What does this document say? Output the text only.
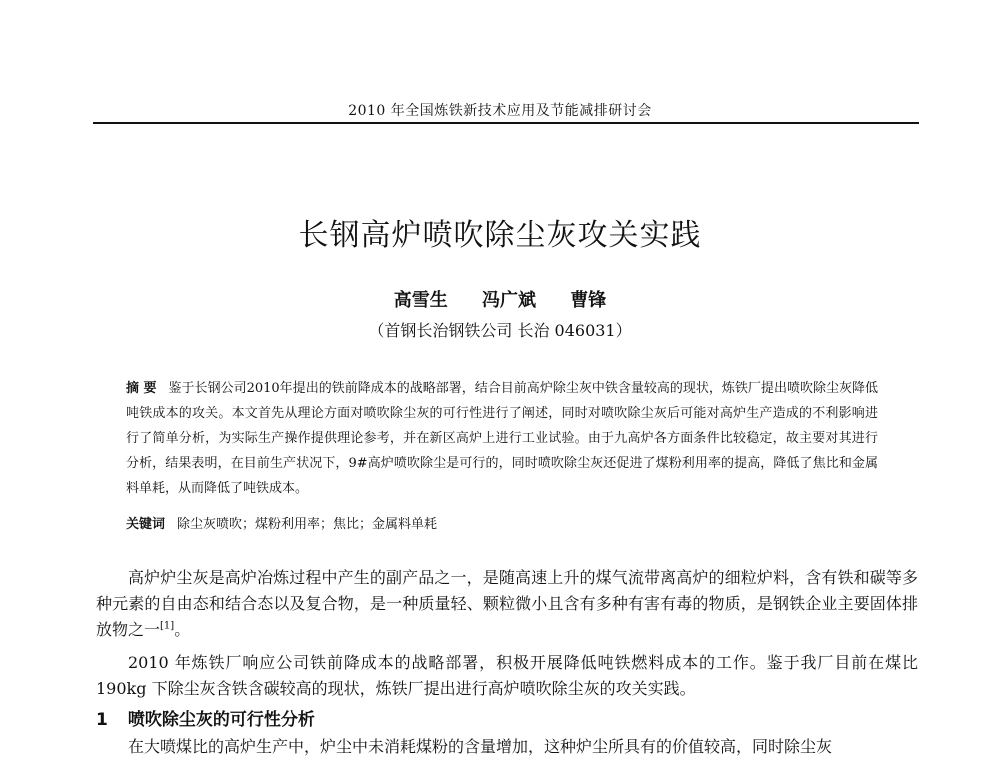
2010 年全国炼铁新技术应用及节能减排研讨会
长钢高炉喷吹除尘灰攻关实践
高雪生 冯广斌 曹锋
（首钢长治钢铁公司 长治 046031）
摘 要 鉴于长钢公司2010年提出的铁前降成本的战略部署，结合目前高炉除尘灰中铁含量较高的现状，炼铁厂提出喷吹除尘灰降低吨铁成本的攻关。本文首先从理论方面对喷吹除尘灰的可行性进行了阐述，同时对喷吹除尘灰后可能对高炉生产造成的不利影响进行了简单分析，为实际生产操作提供理论参考，并在新区高炉上进行工业试验。由于九高炉各方面条件比较稳定，故主要对其进行分析，结果表明，在目前生产状况下，9#高炉喷吹除尘是可行的，同时喷吹除尘灰还促进了煤粉利用率的提高，降低了焦比和金属料单耗，从而降低了吨铁成本。
关键词 除尘灰喷吹；煤粉利用率；焦比；金属料单耗
高炉炉尘灰是高炉冶炼过程中产生的副产品之一，是随高速上升的煤气流带离高炉的细粒炉料，含有铁和碳等多种元素的自由态和结合态以及复合物，是一种质量轻、颗粒微小且含有多种有害有毒的物质，是钢铁企业主要固体排放物之一[1]。
2010 年炼铁厂响应公司铁前降成本的战略部署，积极开展降低吨铁燃料成本的工作。鉴于我厂目前在煤比 190kg 下除尘灰含铁含碳较高的现状，炼铁厂提出进行高炉喷吹除尘灰的攻关实践。
1 喷吹除尘灰的可行性分析
在大喷煤比的高炉生产中，炉尘中未消耗煤粉的含量增加，这种炉尘所具有的价值较高，同时除尘灰
